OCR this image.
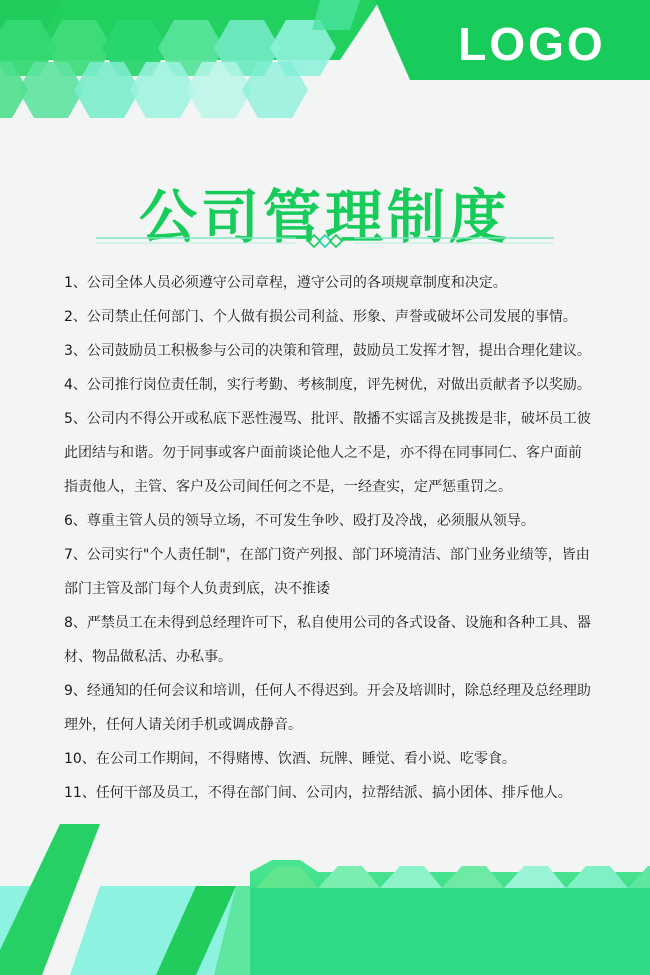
LOGO
公司管理制度
1、公司全体人员必须遵守公司章程，遵守公司的各项规章制度和决定。
2、公司禁止任何部门、个人做有损公司利益、形象、声誉或破坏公司发展的事情。
3、公司鼓励员工积极参与公司的决策和管理，鼓励员工发挥才智，提出合理化建议。
4、公司推行岗位责任制，实行考勤、考核制度，评先树优，对做出贡献者予以奖励。
5、公司内不得公开或私底下恶性漫骂、批评、散播不实谣言及挑拨是非，破坏员工彼此团结与和谐。勿于同事或客户面前谈论他人之不是，亦不得在同事同仁、客户面前指责他人，主管、客户及公司间任何之不是，一经查实，定严惩重罚之。
6、尊重主管人员的领导立场，不可发生争吵、殴打及冷战，必须服从领导。
7、公司实行"个人责任制"，在部门资产列报、部门环境清洁、部门业务业绩等，皆由部门主管及部门每个人负责到底，决不推诿
8、严禁员工在未得到总经理许可下，私自使用公司的各式设备、设施和各种工具、器材、物品做私活、办私事。
9、经通知的任何会议和培训，任何人不得迟到。开会及培训时，除总经理及总经理助理外，任何人请关闭手机或调成静音。
10、在公司工作期间，不得赌博、饮酒、玩牌、睡觉、看小说、吃零食。
11、任何干部及员工，不得在部门间、公司内，拉帮结派、搞小团体、排斥他人。
